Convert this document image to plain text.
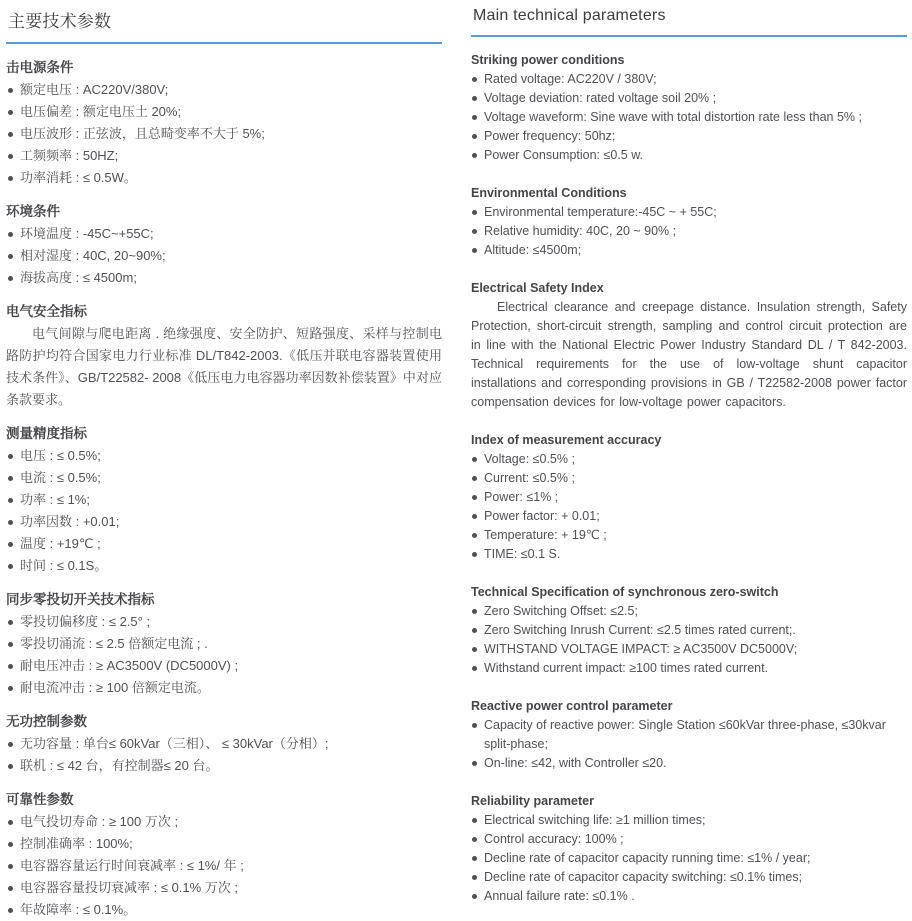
主要技术参数
击电源条件
额定电压 : AC220V/380V;
电压偏差 : 额定电压土 20%;
电压波形 : 正弦波，且总畸变率不大于 5%;
工频频率 : 50HZ;
功率消耗 : ≤ 0.5W。
环境条件
环境温度 : -45C~+55C;
相对湿度 : 40C, 20~90%;
海拔高度 : ≤ 4500m;
电气安全指标

电气间隙与爬电距离 . 绝缘强度、安全防护、短路强度、采样与控制电路防护均符合国家电力行业标准 DL/T842-2003.《低压并联电容器装置使用技术条件》、GB/T22582- 2008《低压电力电容器功率因数补偿装置》中对应条款要求。

测量精度指标
电压 : ≤ 0.5%;
电流 : ≤ 0.5%;
功率 : ≤ 1%;
功率因数 : +0.01;
温度 : +19℃ ;
时间 : ≤ 0.1S。
同步零投切开关技术指标
零投切偏移度 : ≤ 2.5° ;
零投切涌流 : ≤ 2.5 倍额定电流 ; .
耐电压冲击 : ≥ AC3500V (DC5000V) ;
耐电流冲击 : ≥ 100 倍额定电流。
无功控制参数
无功容量 : 单台≤ 60kVar（三相）、 ≤ 30kVar（分相）;
联机 : ≤ 42 台，有控制器≤ 20 台。
可靠性参数
电气投切寿命 : ≥ 100 万次 ;
控制准确率 : 100%;
电容器容量运行时间衰减率 : ≤ 1%/ 年 ;
电容器容量投切衰减率 : ≤ 0.1% 万次 ;
年故障率 : ≤ 0.1%。
Main technical parameters
Striking power conditions
Rated voltage: AC220V / 380V;
Voltage deviation: rated voltage soil 20% ;
Voltage waveform: Sine wave with total distortion rate less than 5% ;
Power frequency: 50hz;
Power Consumption: ≤0.5 w.
Environmental Conditions
Environmental temperature:-45C ~ + 55C;
Relative humidity: 40C, 20 ~ 90% ;
Altitude: ≤4500m;
Electrical Safety Index

Electrical clearance and creepage distance. Insulation strength, Safety Protection, short-circuit strength, sampling and control circuit protection are in line with the National Electric Power Industry Standard DL / T 842-2003. Technical requirements for the use of low-voltage shunt capacitor installations and corresponding provisions in GB / T22582-2008 power factor compensation devices for low-voltage power capacitors.

Index of measurement accuracy
Voltage: ≤0.5% ;
Current: ≤0.5% ;
Power: ≤1% ;
Power factor: + 0.01;
Temperature: + 19℃ ;
TIME: ≤0.1 S.
Technical Specification of synchronous zero-switch
Zero Switching Offset: ≤2.5;
Zero Switching Inrush Current: ≤2.5 times rated current;.
WITHSTAND VOLTAGE IMPACT: ≥ AC3500V DC5000V;
Withstand current impact: ≥100 times rated current.
Reactive power control parameter
Capacity of reactive power: Single Station ≤60kVar three-phase, ≤30kvar split-phase;
On-line: ≤42, with Controller ≤20.
Reliability parameter
Electrical switching life: ≥1 million times;
Control accuracy: 100% ;
Decline rate of capacitor capacity running time: ≤1% / year;
Decline rate of capacitor capacity switching: ≤0.1% times;
Annual failure rate: ≤0.1% .
